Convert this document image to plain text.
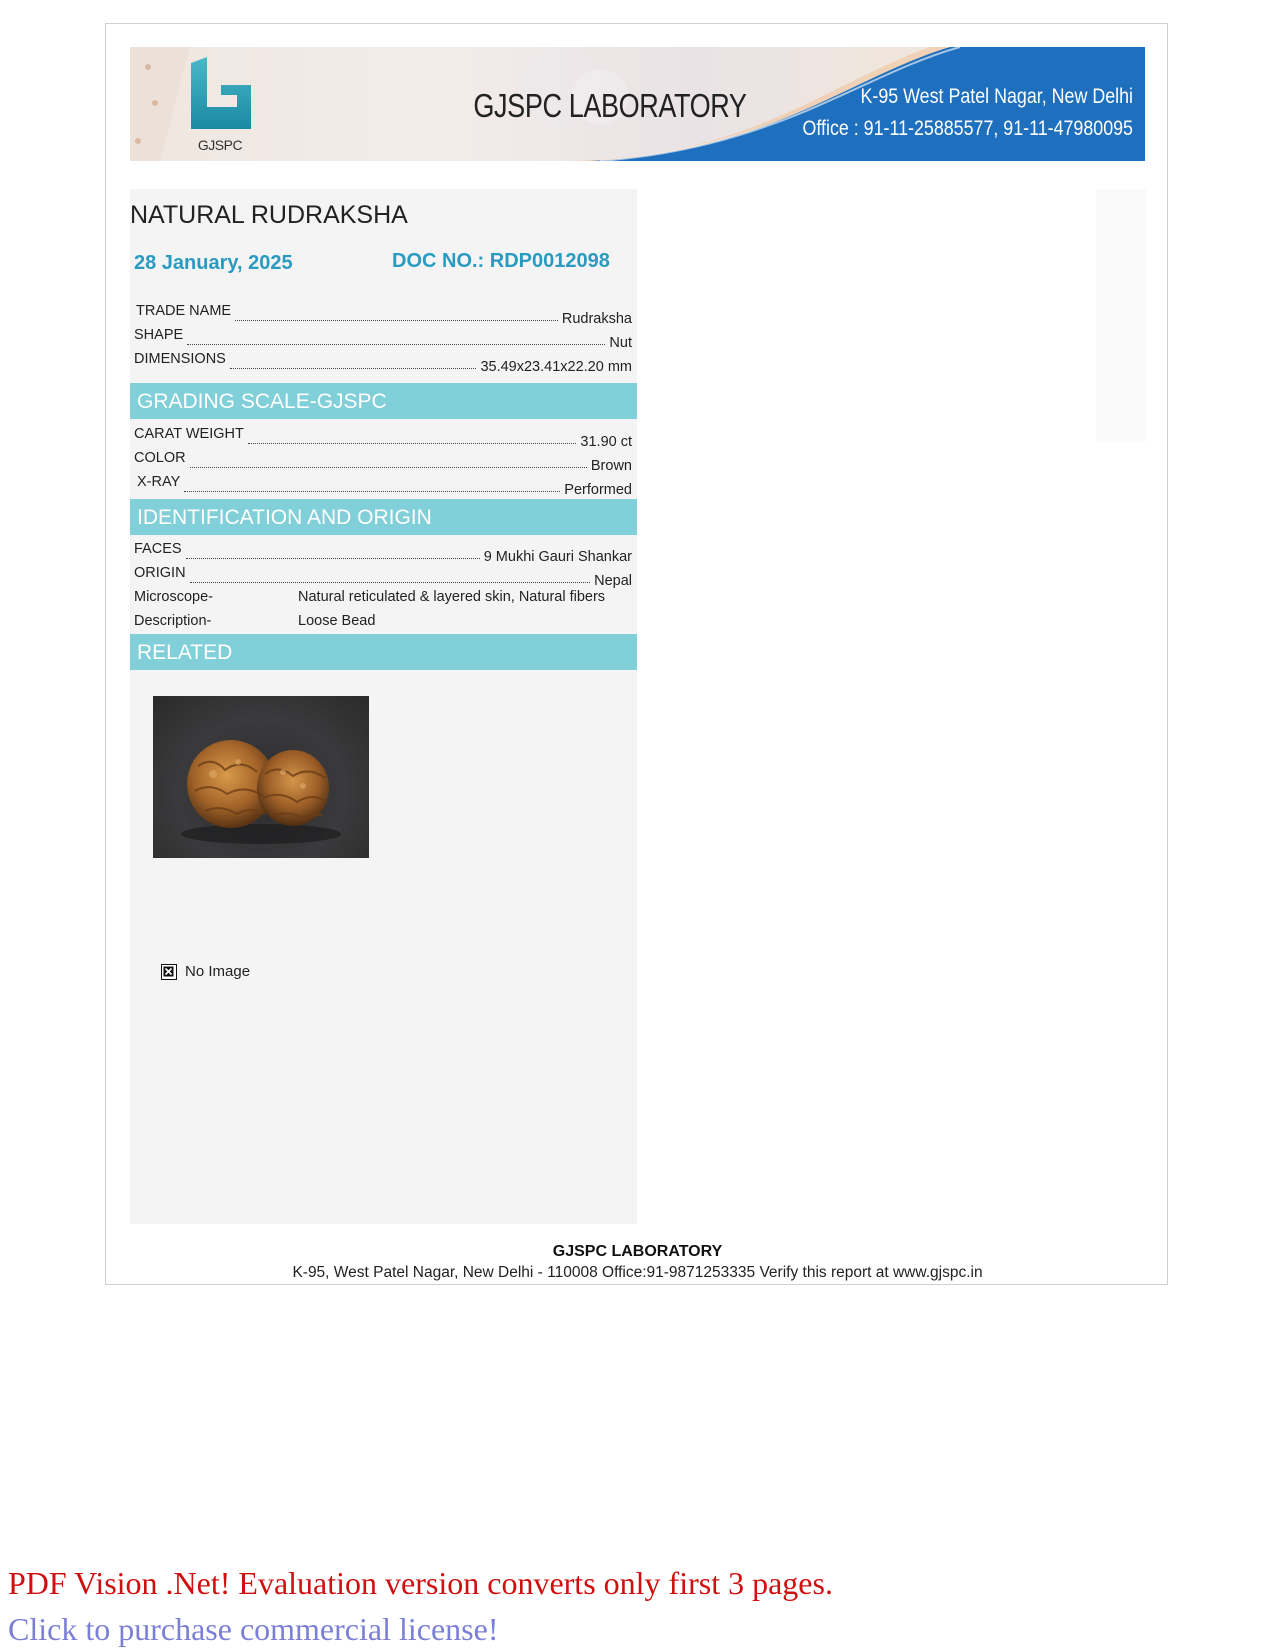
GJSPC
GJSPC LABORATORY	K-95 West Patel Nagar, New Delhi
Office : 91-11-25885577, 91-11-47980095
NATURAL RUDRAKSHA
28 January, 2025	DOC NO.: RDP0012098
TRADE NAME	Rudraksha
SHAPE	Nut
DIMENSIONS	35.49x23.41x22.20 mm
GRADING SCALE-GJSPC
CARAT WEIGHT	31.90 ct
COLOR	Brown
X-RAY	Performed
IDENTIFICATION AND ORIGIN
FACES	9 Mukhi Gauri Shankar
ORIGIN	Nepal
Microscope-	Natural reticulated & layered skin, Natural fibers
Description-	Loose Bead
RELATED
No Image
GJSPC LABORATORY
K-95, West Patel Nagar, New Delhi - 110008 Office:91-9871253335 Verify this report at www.gjspc.in
PDF Vision .Net! Evaluation version converts only first 3 pages.
Click to purchase commercial license!
